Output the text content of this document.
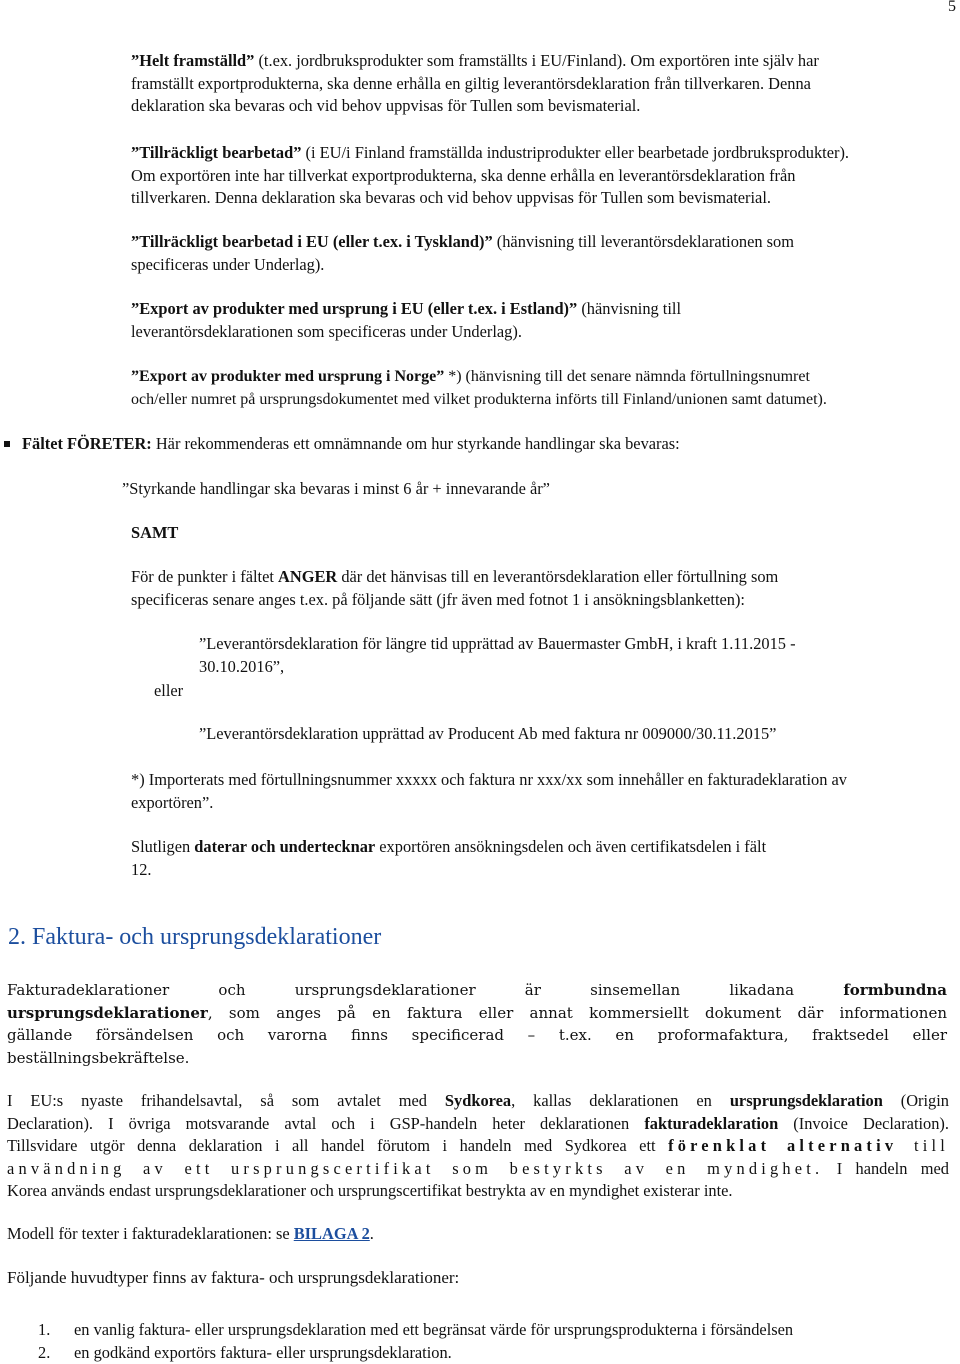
5
”Helt framställd” (t.ex. jordbruksprodukter som framställts i EU/Finland). Om exportören inte själv har
framställt exportprodukterna, ska denne erhålla en giltig leverantörsdeklaration från tillverkaren. Denna
deklaration ska bevaras och vid behov uppvisas för Tullen som bevismaterial.
”Tillräckligt bearbetad” (i EU/i Finland framställda industriprodukter eller bearbetade jordbruksprodukter).
Om exportören inte har tillverkat exportprodukterna, ska denne erhålla en leverantörsdeklaration från
tillverkaren. Denna deklaration ska bevaras och vid behov uppvisas för Tullen som bevismaterial.
”Tillräckligt bearbetad i EU (eller t.ex. i Tyskland)” (hänvisning till leverantörsdeklarationen som
specificeras under Underlag).
”Export av produkter med ursprung i EU (eller t.ex. i Estland)” (hänvisning till
leverantörsdeklarationen som specificeras under Underlag).
”Export av produkter med ursprung i Norge” *) (hänvisning till det senare nämnda förtullningsnumret
och/eller numret på ursprungsdokumentet med vilket produkterna införts till Finland/unionen samt datumet).
Fältet FÖRETER: Här rekommenderas ett omnämnande om hur styrkande handlingar ska bevaras:
”Styrkande handlingar ska bevaras i minst 6 år + innevarande år”
SAMT
För de punkter i fältet ANGER där det hänvisas till en leverantörsdeklaration eller förtullning som
specificeras senare anges t.ex. på följande sätt (jfr även med fotnot 1 i ansökningsblanketten):
”Leverantörsdeklaration för längre tid upprättad av Bauermaster GmbH, i kraft 1.11.2015 -
30.10.2016”,
eller
”Leverantörsdeklaration upprättad av Producent Ab med faktura nr 009000/30.11.2015”
*) Importerats med förtullningsnummer xxxxx och faktura nr xxx/xx som innehåller en fakturadeklaration av
exportören”.
Slutligen daterar och undertecknar exportören ansökningsdelen och även certifikatsdelen i fält
12.
2. Faktura- och ursprungsdeklarationer
Fakturadeklarationer och ursprungsdeklarationer är sinsemellan likadana formbundna
ursprungsdeklarationer, som anges på en faktura eller annat kommersiellt dokument där informationen
gällande försändelsen och varorna finns specificerad – t.ex. en proformafaktura, fraktsedel eller
beställningsbekräftelse.
I EU:s nyaste frihandelsavtal, så som avtalet med Sydkorea, kallas deklarationen en ursprungsdeklaration (Origin
Declaration). I övriga motsvarande avtal och i GSP-handeln heter deklarationen fakturadeklaration (Invoice Declaration).
Tillsvidare utgör denna deklaration i all handel förutom i handeln med Sydkorea ett förenklat alternativ till
användning av ett ursprungscertifikat som bestyrkts av en myndighet. I handeln med
Korea används endast ursprungsdeklarationer och ursprungscertifikat bestrykta av en myndighet existerar inte.
Modell för texter i fakturadeklarationen: se BILAGA 2.
Följande huvudtyper finns av faktura- och ursprungsdeklarationer:
1. en vanlig faktura- eller ursprungsdeklaration med ett begränsat värde för ursprungsprodukterna i försändelsen
2. en godkänd exportörs faktura- eller ursprungsdeklaration.
